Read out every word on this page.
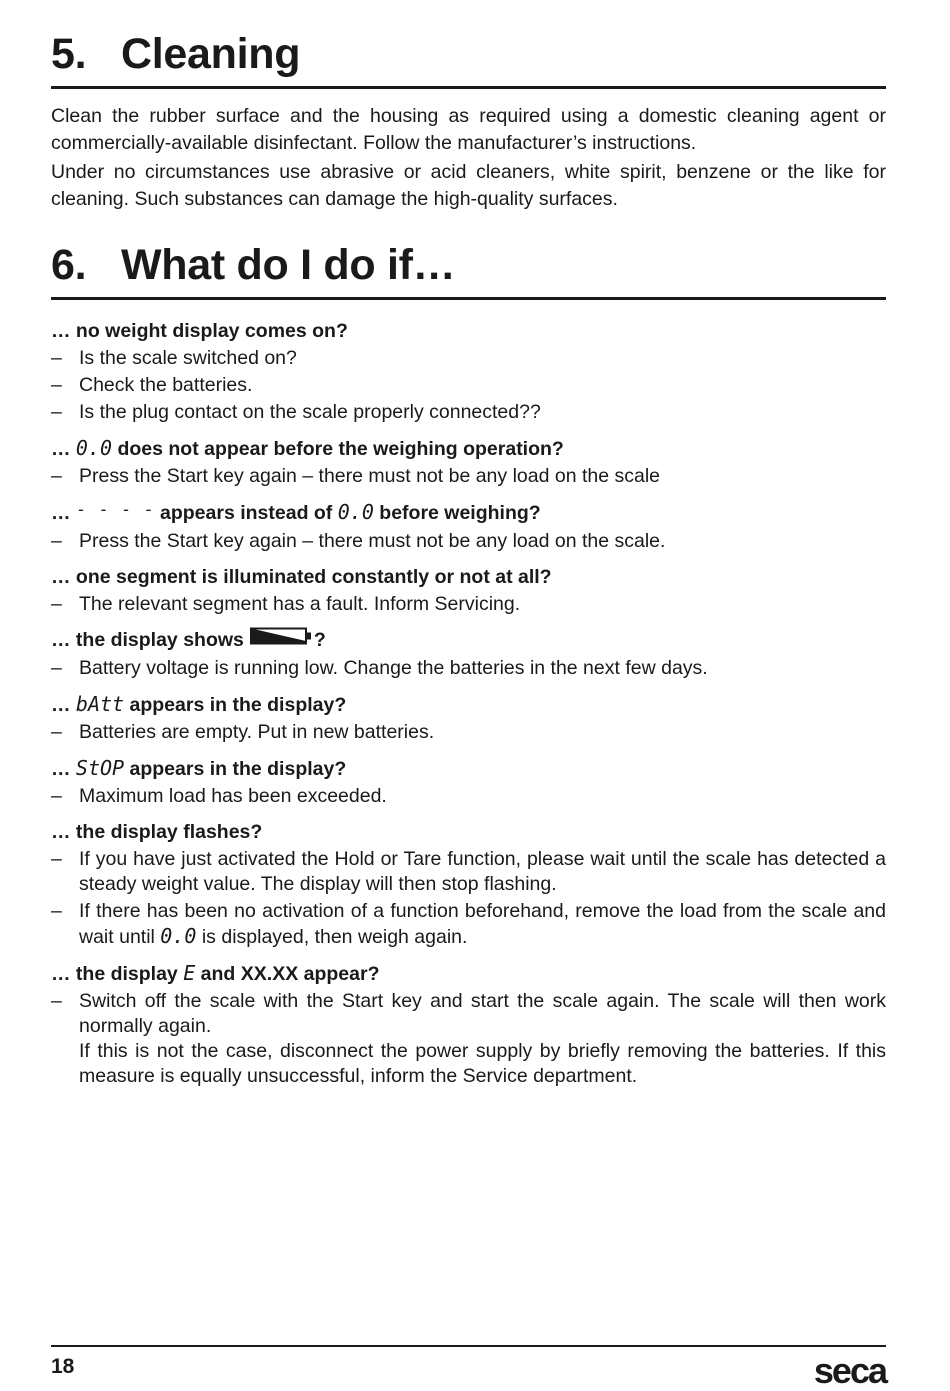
5. Cleaning

Clean the rubber surface and the housing as required using a domestic cleaning agent or commercially-available disinfectant. Follow the manufacturer’s instructions.

Under no circumstances use abrasive or acid cleaners, white spirit, benzene or the like for cleaning. Such substances can damage the high-quality surfaces.

6. What do I do if…

… no weight display comes on?

– Is the scale switched on?
– Check the batteries.
– Is the plug contact on the scale properly connected??

… 0.0 does not appear before the weighing operation?

– Press the Start key again – there must not be any load on the scale

… - - - - appears instead of 0.0 before weighing?

– Press the Start key again – there must not be any load on the scale.

… one segment is illuminated constantly or not at all?

– The relevant segment has a fault. Inform Servicing.

… the display shows	?

– Battery voltage is running low. Change the batteries in the next few days.

… bAtt appears in the display?

– Batteries are empty. Put in new batteries.

… StOP appears in the display?

– Maximum load has been exceeded.

… the display flashes?

– If you have just activated the Hold or Tare function, please wait until the scale has detected a steady weight value. The display will then stop flashing.
– If there has been no activation of a function beforehand, remove the load from the scale and wait until 0.0 is displayed, then weigh again.

… the display E and XX.XX appear?

– Switch off the scale with the Start key and start the scale again. The scale will then work normally again.
If this is not the case, disconnect the power supply by briefly removing the batteries. If this measure is equally unsuccessful, inform the Service department.
18	seca
